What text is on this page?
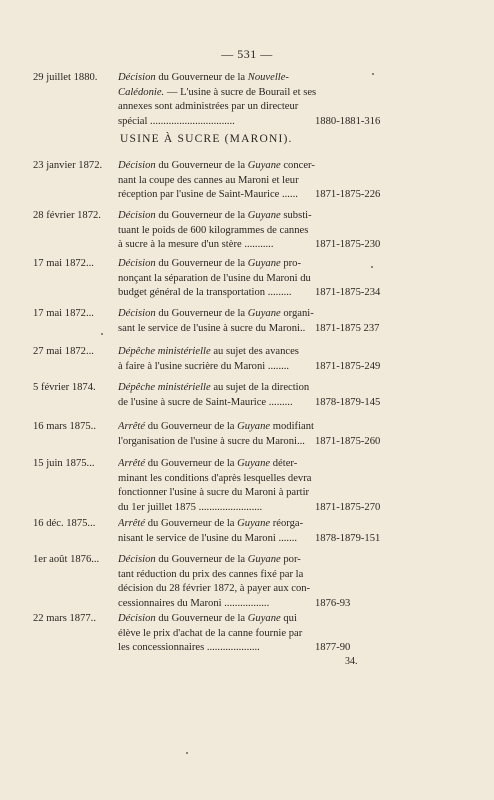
— 531 —
29 juillet 1880. Décision du Gouverneur de la Nouvelle-
Calédonie. — L'usine à sucre de Bourail et ses
annexes sont administrées par un directeur
spécial ................................	1880-1881-316
USINE À SUCRE (MARONI).
23 janvier 1872. Décision du Gouverneur de la Guyane concer-
nant la coupe des cannes au Maroni et leur
réception par l'usine de Saint-Maurice ......	1871-1875-226
28 février 1872. Décision du Gouverneur de la Guyane substi-
tuant le poids de 600 kilogrammes de cannes
à sucre à la mesure d'un stère ...........	1871-1875-230
17 mai 1872... Décision du Gouverneur de la Guyane pro-
nonçant la séparation de l'usine du Maroni du
budget général de la transportation .........	1871-1875-234
17 mai 1872... Décision du Gouverneur de la Guyane organi-
sant le service de l'usine à sucre du Maroni.. 1871-1875 237
27 mai 1872... Dépêche ministérielle au sujet des avances
à faire à l'usine sucrière du Maroni ........	1871-1875-249
5 février 1874. Dépêche ministérielle au sujet de la direction
de l'usine à sucre de Saint-Maurice .........	1878-1879-145
16 mars 1875.. Arrêté du Gouverneur de la Guyane modifiant
l'organisation de l'usine à sucre du Maroni... 1871-1875-260
15 juin 1875... Arrêté du Gouverneur de la Guyane déter-
minant les conditions d'après lesquelles devra
fonctionner l'usine à sucre du Maroni à partir
du 1er juillet 1875 ........................	1871-1875-270
16 déc. 1875... Arrêté du Gouverneur de la Guyane réorga-
nisant le service de l'usine du Maroni .......	1878-1879-151
1er août 1876... Décision du Gouverneur de la Guyane por-
tant réduction du prix des cannes fixé par la
décision du 28 février 1872, à payer aux con-
cessionnaires du Maroni .................	1876-93
22 mars 1877.. Décision du Gouverneur de la Guyane qui
élève le prix d'achat de la canne fournie par
les concessionnaires ....................	1877-90
34.
